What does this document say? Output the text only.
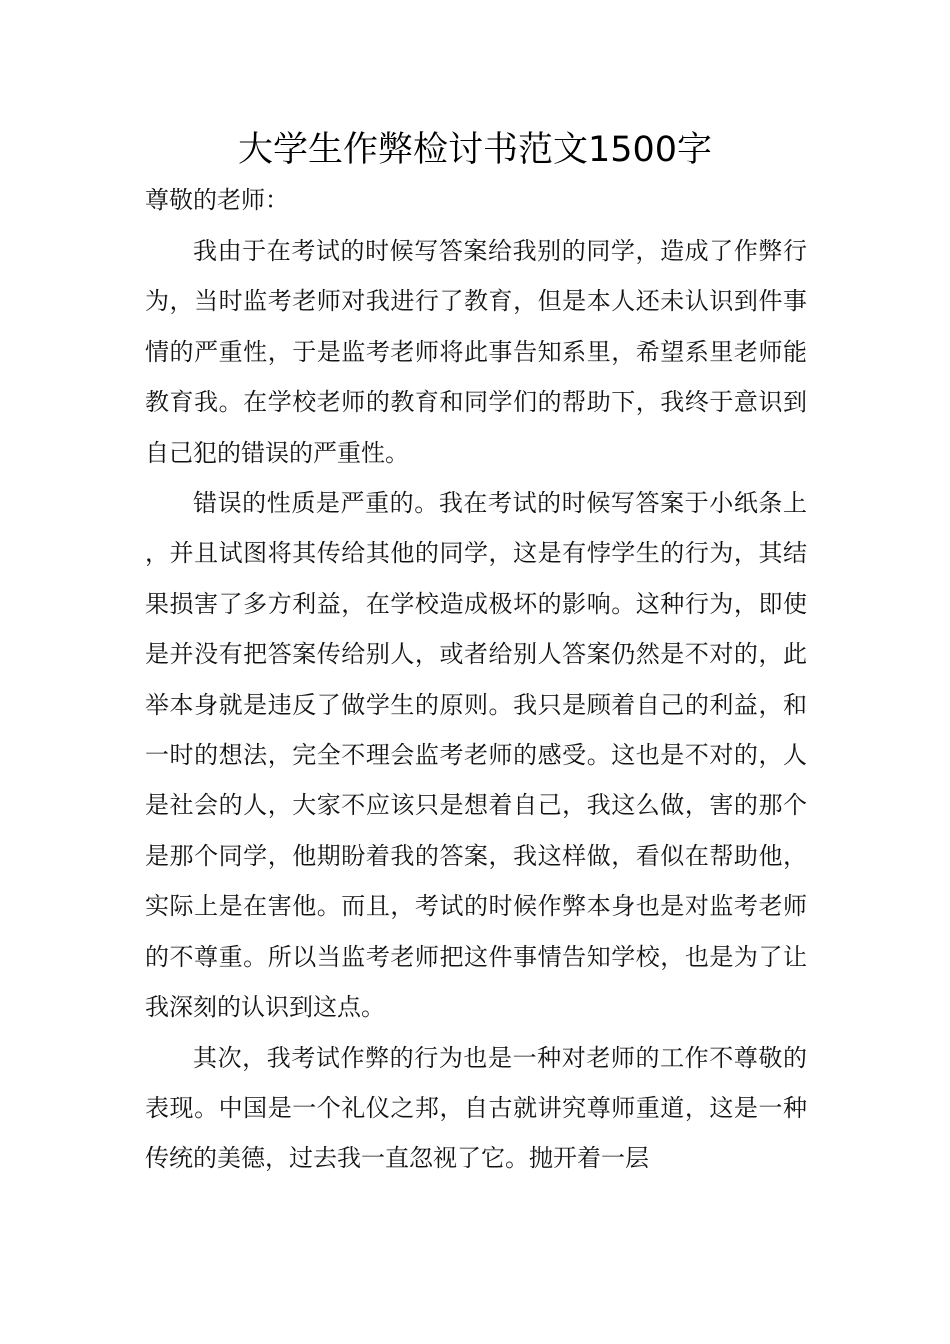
大学生作弊检讨书范文1500字

尊敬的老师：

我由于在考试的时候写答案给我别的同学，造成了作弊行为，当时监考老师对我进行了教育，但是本人还未认识到件事情的严重性，于是监考老师将此事告知系里，希望系里老师能教育我。在学校老师的教育和同学们的帮助下，我终于意识到自己犯的错误的严重性。

错误的性质是严重的。我在考试的时候写答案于小纸条上，并且试图将其传给其他的同学，这是有悖学生的行为，其结果损害了多方利益，在学校造成极坏的影响。这种行为，即使是并没有把答案传给别人，或者给别人答案仍然是不对的，此举本身就是违反了做学生的原则。我只是顾着自己的利益，和一时的想法，完全不理会监考老师的感受。这也是不对的，人是社会的人，大家不应该只是想着自己，我这么做，害的那个是那个同学，他期盼着我的答案，我这样做，看似在帮助他，实际上是在害他。而且，考试的时候作弊本身也是对监考老师的不尊重。所以当监考老师把这件事情告知学校，也是为了让我深刻的认识到这点。

其次，我考试作弊的行为也是一种对老师的工作不尊敬的表现。中国是一个礼仪之邦，自古就讲究尊师重道，这是一种传统的美德，过去我一直忽视了它。抛开着一层
